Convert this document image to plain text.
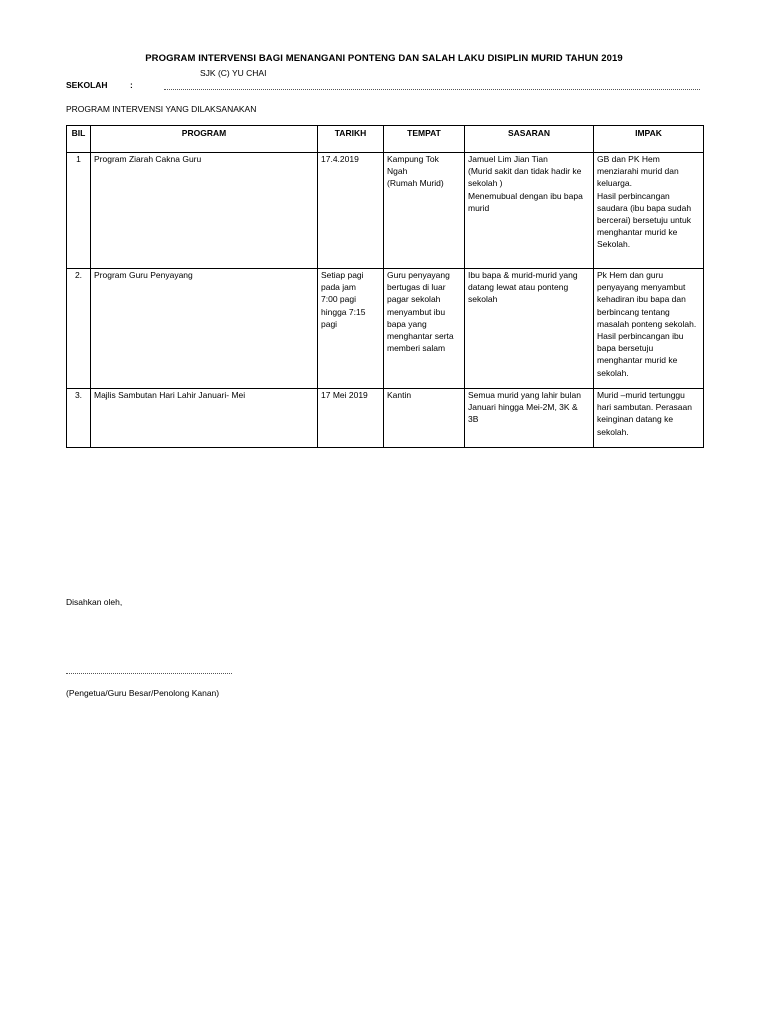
PROGRAM INTERVENSI BAGI MENANGANI PONTENG DAN SALAH LAKU DISIPLIN MURID TAHUN 2019
SJK (C) YU CHAI
SEKOLAH	:
PROGRAM INTERVENSI YANG DILAKSANAKAN
BIL	PROGRAM	TARIKH	TEMPAT	SASARAN	IMPAK
1	Program Ziarah Cakna Guru	17.4.2019	Kampung Tok
Ngah
(Rumah Murid)	Jamuel Lim Jian Tian
(Murid sakit dan tidak hadir ke sekolah )
Menemubual dengan ibu bapa murid	GB dan PK Hem menziarahi murid dan keluarga.
Hasil perbincangan saudara (ibu bapa sudah bercerai) bersetuju untuk menghantar murid ke Sekolah.
2.	Program Guru Penyayang	Setiap pagi
pada jam
7:00 pagi
hingga 7:15
pagi	Guru penyayang bertugas di luar pagar sekolah menyambut ibu bapa yang menghantar serta memberi salam	Ibu bapa & murid-murid yang datang lewat atau ponteng sekolah	Pk Hem dan guru penyayang menyambut kehadiran ibu bapa dan berbincang tentang masalah ponteng sekolah. Hasil perbincangan ibu bapa bersetuju menghantar murid ke sekolah.
3.	Majlis Sambutan Hari Lahir Januari- Mei	17 Mei 2019	Kantin	Semua murid yang lahir bulan Januari hingga Mei-2M, 3K & 3B	Murid –murid tertunggu hari sambutan. Perasaan keinginan datang ke sekolah.
Disahkan oleh,
(Pengetua/Guru Besar/Penolong Kanan)
